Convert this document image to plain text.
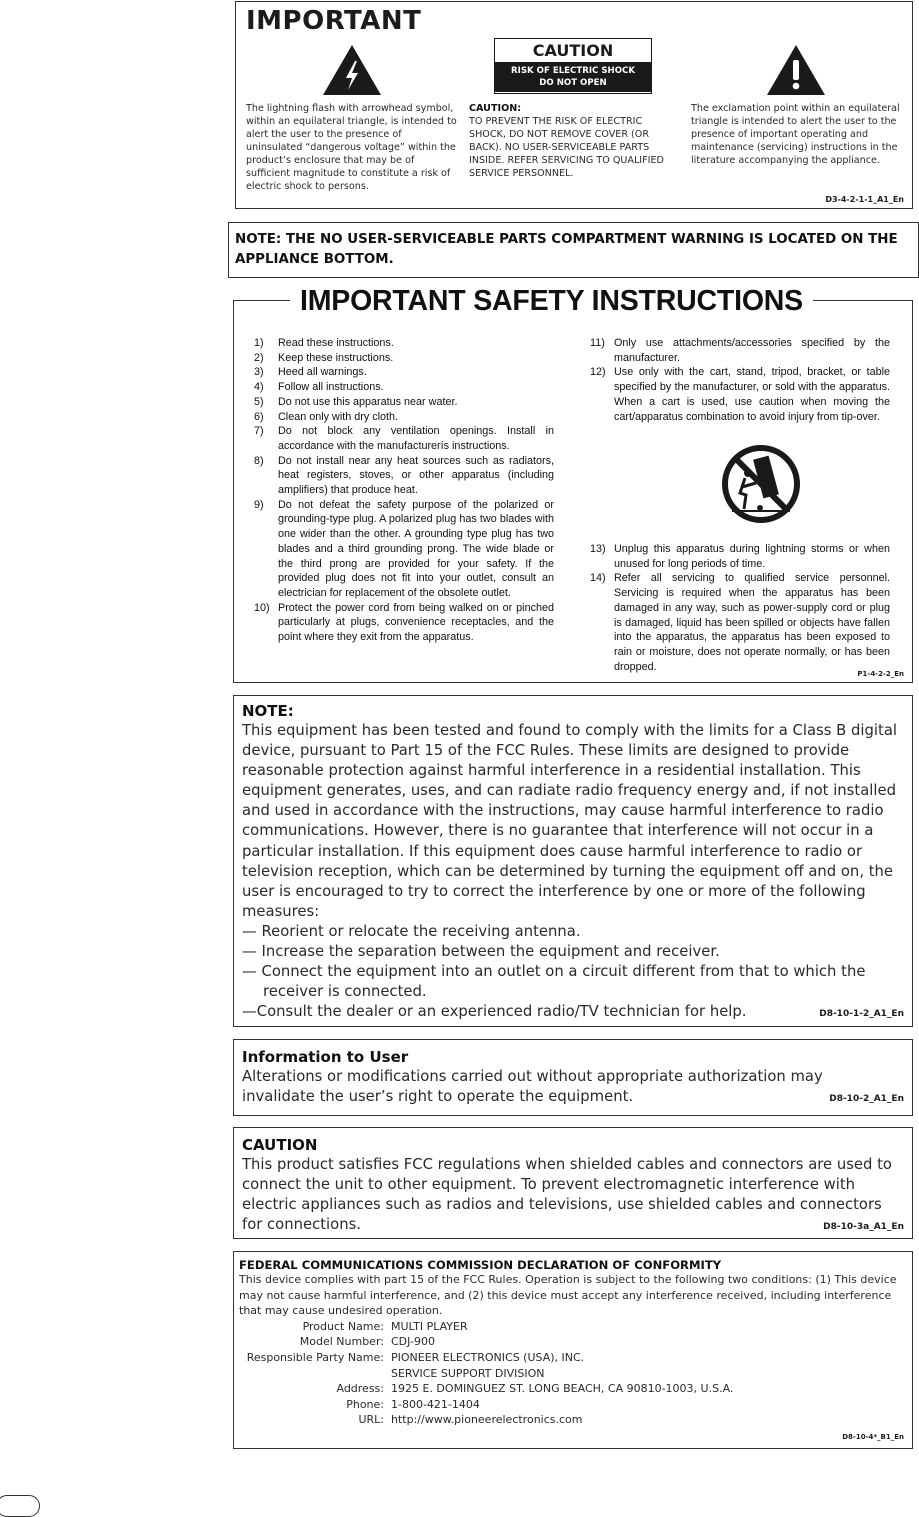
IMPORTANT
CAUTION
RISK OF ELECTRIC SHOCK
DO NOT OPEN
The lightning flash with arrowhead symbol, within an equilateral triangle, is intended to alert the user to the presence of uninsulated “dangerous voltage” within the product’s enclosure that may be of sufficient magnitude to constitute a risk of electric shock to persons.
CAUTION:
TO PREVENT THE RISK OF ELECTRIC SHOCK, DO NOT REMOVE COVER (OR BACK). NO USER-SERVICEABLE PARTS INSIDE. REFER SERVICING TO QUALIFIED SERVICE PERSONNEL.
The exclamation point within an equilateral triangle is intended to alert the user to the presence of important operating and maintenance (servicing) instructions in the literature accompanying the appliance.
D3-4-2-1-1_A1_En
NOTE: THE NO USER-SERVICEABLE PARTS COMPARTMENT WARNING IS LOCATED ON THE APPLIANCE BOTTOM.
IMPORTANT SAFETY INSTRUCTIONS
1)	Read these instructions.
2)	Keep these instructions.
3)	Heed all warnings.
4)	Follow all instructions.
5)	Do not use this apparatus near water.
6)	Clean only with dry cloth.
7)	Do not block any ventilation openings. Install in accordance with the manufacturerís instructions.
8)	Do not install near any heat sources such as radiators, heat registers, stoves, or other apparatus (including amplifiers) that produce heat.
9)	Do not defeat the safety purpose of the polarized or grounding-type plug. A polarized plug has two blades with one wider than the other. A grounding type plug has two blades and a third grounding prong. The wide blade or the third prong are provided for your safety. If the provided plug does not fit into your outlet, consult an electrician for replacement of the obsolete outlet.
10) Protect the power cord from being walked on or pinched particularly at plugs, convenience receptacles, and the point where they exit from the apparatus.
11) Only use attachments/accessories specified by the manufacturer.
12) Use only with the cart, stand, tripod, bracket, or table specified by the manufacturer, or sold with the apparatus. When a cart is used, use caution when moving the cart/apparatus combination to avoid injury from tip-over.
13) Unplug this apparatus during lightning storms or when unused for long periods of time.
14) Refer all servicing to qualified service personnel. Servicing is required when the apparatus has been damaged in any way, such as power-supply cord or plug is damaged, liquid has been spilled or objects have fallen into the apparatus, the apparatus has been exposed to rain or moisture, does not operate normally, or has been dropped.
P1-4-2-2_En
NOTE:
This equipment has been tested and found to comply with the limits for a Class B digital device, pursuant to Part 15 of the FCC Rules. These limits are designed to provide reasonable protection against harmful interference in a residential installation. This equipment generates, uses, and can radiate radio frequency energy and, if not installed and used in accordance with the instructions, may cause harmful interference to radio communications. However, there is no guarantee that interference will not occur in a particular installation. If this equipment does cause harmful interference to radio or television reception, which can be determined by turning the equipment off and on, the user is encouraged to try to correct the interference by one or more of the following measures:
— Reorient or relocate the receiving antenna.
— Increase the separation between the equipment and receiver.
— Connect the equipment into an outlet on a circuit different from that to which the receiver is connected.
—Consult the dealer or an experienced radio/TV technician for help.	D8-10-1-2_A1_En
Information to User
Alterations or modifications carried out without appropriate authorization may invalidate the user’s right to operate the equipment.	D8-10-2_A1_En
CAUTION
This product satisfies FCC regulations when shielded cables and connectors are used to connect the unit to other equipment. To prevent electromagnetic interference with electric appliances such as radios and televisions, use shielded cables and connectors for connections.	D8-10-3a_A1_En
FEDERAL COMMUNICATIONS COMMISSION DECLARATION OF CONFORMITY
This device complies with part 15 of the FCC Rules. Operation is subject to the following two conditions: (1) This device may not cause harmful interference, and (2) this device must accept any interference received, including interference that may cause undesired operation.
Product Name: MULTI PLAYER
Model Number: CDJ-900
Responsible Party Name: PIONEER ELECTRONICS (USA), INC.
SERVICE SUPPORT DIVISION
Address: 1925 E. DOMINGUEZ ST. LONG BEACH, CA 90810-1003, U.S.A.
Phone: 1-800-421-1404
URL: http://www.pioneerelectronics.com
D8-10-4*_B1_En
